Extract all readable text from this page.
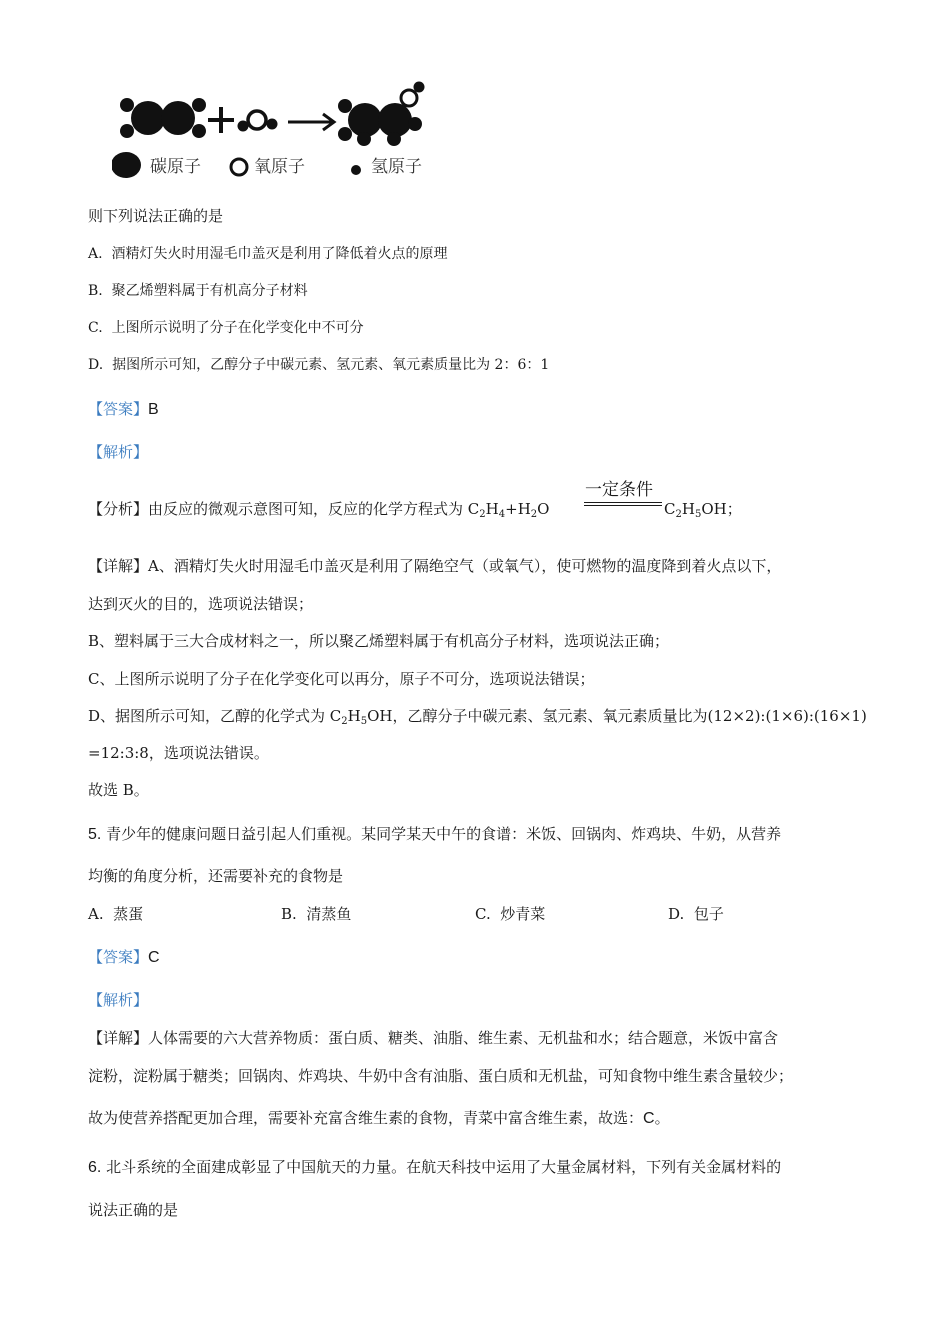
碳原子	氧原子	氢原子
则下列说法正确的是
A. 酒精灯失火时用湿毛巾盖灭是利用了降低着火点的原理
B. 聚乙烯塑料属于有机高分子材料
C. 上图所示说明了分子在化学变化中不可分
D. 据图所示可知，乙醇分子中碳元素、氢元素、氧元素质量比为 2：6：1
【答案】B
【解析】
【分析】由反应的微观示意图可知，反应的化学方程式为 $C_2H_4+H_2O$
一定条件
$C_2H_5OH$；
【详解】A、酒精灯失火时用湿毛巾盖灭是利用了隔绝空气（或氧气），使可燃物的温度降到着火点以下，
达到灭火的目的，选项说法错误；
B、塑料属于三大合成材料之一，所以聚乙烯塑料属于有机高分子材料，选项说法正确；
C、上图所示说明了分子在化学变化可以再分，原子不可分，选项说法错误；
D、据图所示可知，乙醇的化学式为 $C_2H_5OH$，乙醇分子中碳元素、氢元素、氧元素质量比为(12×2):(1×6):(16×1)
=12:3:8，选项说法错误。
故选 B。
5. 青少年的健康问题日益引起人们重视。某同学某天中午的食谱：米饭、回锅肉、炸鸡块、牛奶，从营养
均衡的角度分析，还需要补充的食物是
A. 蒸蛋	B. 清蒸鱼	C. 炒青菜	D. 包子
【答案】C
【解析】
【详解】人体需要的六大营养物质：蛋白质、糖类、油脂、维生素、无机盐和水；结合题意，米饭中富含
淀粉，淀粉属于糖类；回锅肉、炸鸡块、牛奶中含有油脂、蛋白质和无机盐，可知食物中维生素含量较少；
故为使营养搭配更加合理，需要补充富含维生素的食物，青菜中富含维生素，故选：C。
6. 北斗系统的全面建成彰显了中国航天的力量。在航天科技中运用了大量金属材料，下列有关金属材料的
说法正确的是
